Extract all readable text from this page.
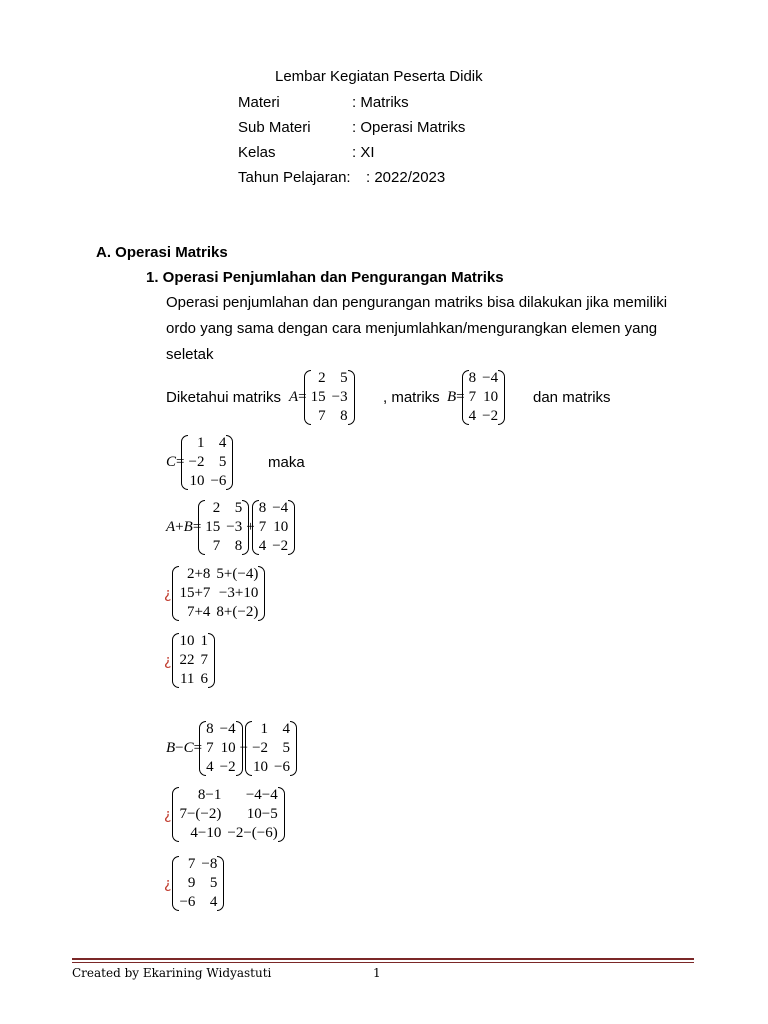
Lembar Kegiatan Peserta Didik
Materi	: Matriks
Sub Materi	: Operasi Matriks
Kelas	: XI
Tahun Pelajaran: : 2022/2023
A. Operasi Matriks
1. Operasi Penjumlahan dan Pengurangan Matriks
Operasi penjumlahan dan pengurangan matriks bisa dilakukan jika memiliki
ordo yang sama dengan cara menjumlahkan/mengurangkan elemen yang
seletak
Diketahui matriks A =
2	5
15	−3
7	8
, matriks B =
8	−4
7	10
4	−2
dan matriks
C =
1	4
−2	5
10	−6
maka
A + B =
2	5
15	−3
7	8
+
8	−4
7	10
4	−2
¿
2+8	5+(−4)
15+7	−3+10
7+4	8+(−2)
¿
10	1
22	7
11	6
B − C =
8	−4
7	10
4	−2
−
1	4
−2	5
10	−6
¿
8−1	−4−4
7−(−2)	10−5
4−10	−2−(−6)
¿
7	−8
9	5
−6	4
Created by Ekarining Widyastuti	1
